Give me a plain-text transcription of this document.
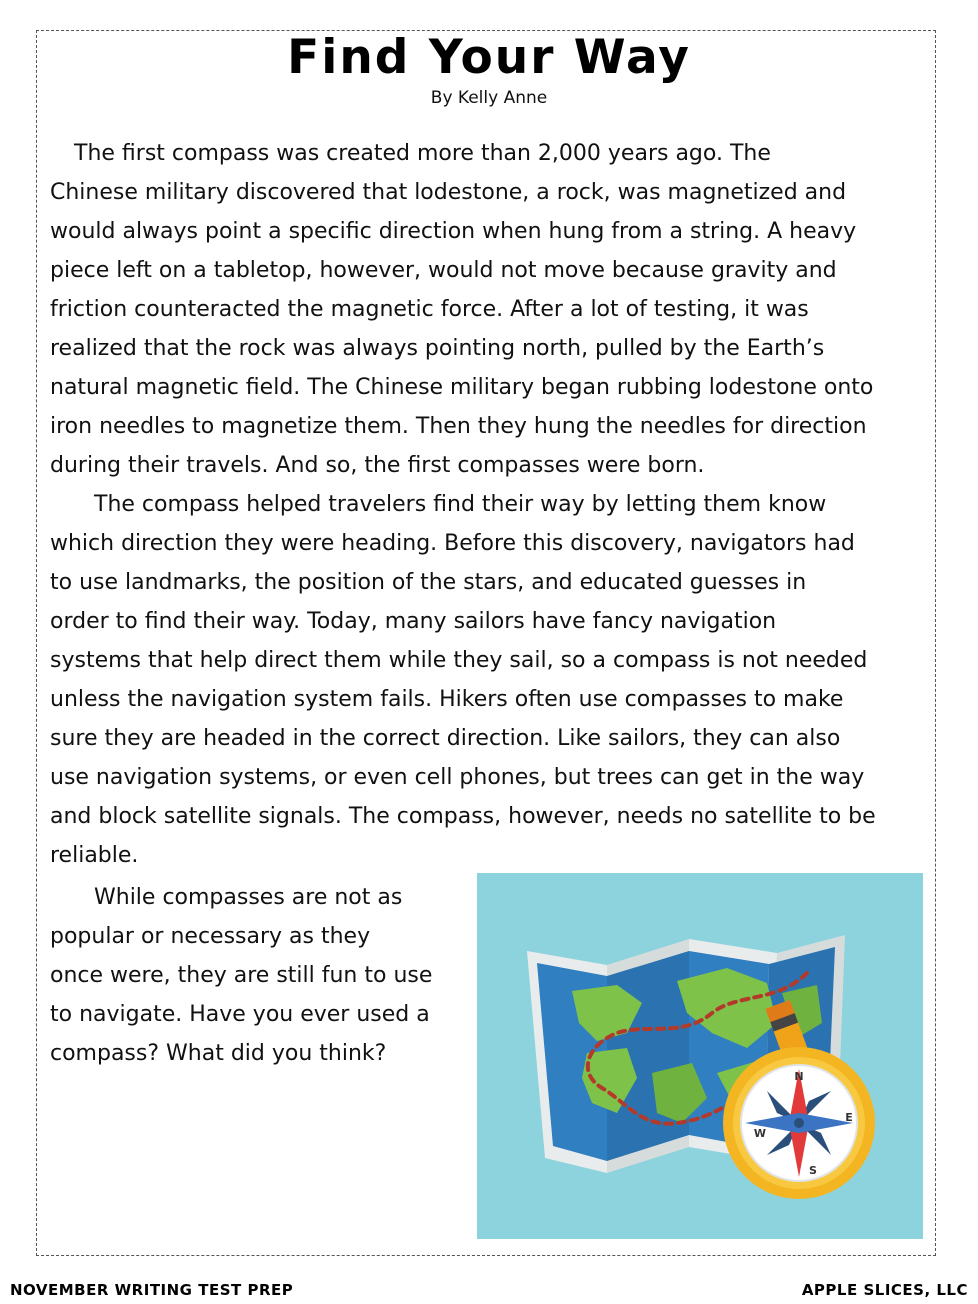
Find Your Way
By Kelly Anne
The first compass was created more than 2,000 years ago. The
Chinese military discovered that lodestone, a rock, was magnetized and
would always point a specific direction when hung from a string. A heavy
piece left on a tabletop, however, would not move because gravity and
friction counteracted the magnetic force. After a lot of testing, it was
realized that the rock was always pointing north, pulled by the Earth’s
natural magnetic field. The Chinese military began rubbing lodestone onto
iron needles to magnetize them. Then they hung the needles for direction
during their travels. And so, the first compasses were born.
The compass helped travelers find their way by letting them know
which direction they were heading. Before this discovery, navigators had
to use landmarks, the position of the stars, and educated guesses in
order to find their way. Today, many sailors have fancy navigation
systems that help direct them while they sail, so a compass is not needed
unless the navigation system fails. Hikers often use compasses to make
sure they are headed in the correct direction. Like sailors, they can also
use navigation systems, or even cell phones, but trees can get in the way
and block satellite signals. The compass, however, needs no satellite to be
reliable.
While compasses are not as
popular or necessary as they
once were, they are still fun to use
to navigate. Have you ever used a
compass? What did you think?
N
S
E
W
NOVEMBER WRITING TEST PREP	APPLE SLICES, LLC
